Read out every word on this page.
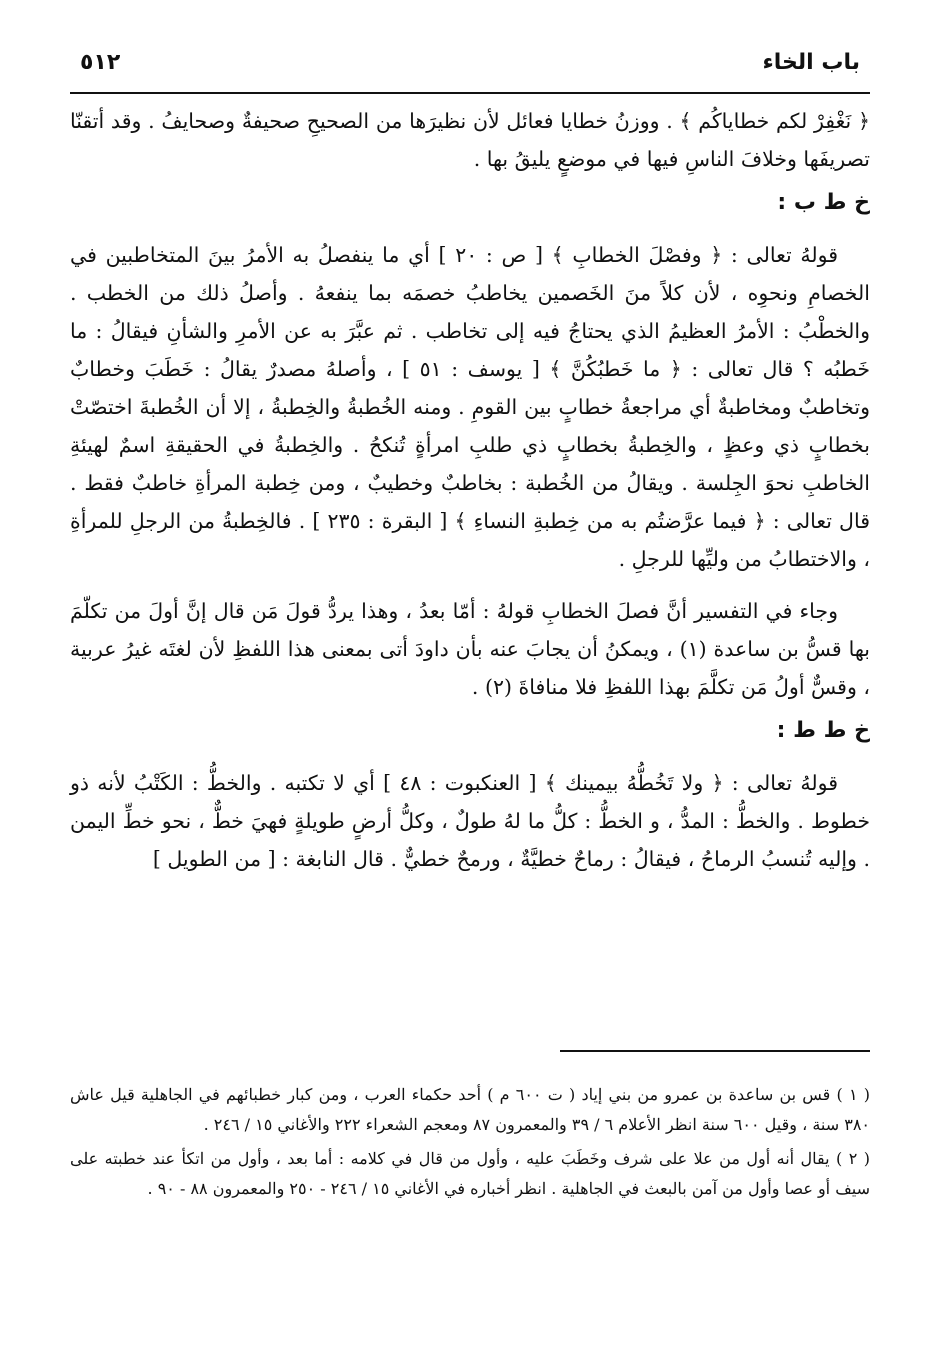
باب الخاء
٥١٢

﴿ نَغْفِرْ لكم خطاياكُم ﴾ . ووزنُ خطايا فعائل لأن نظيرَها من الصحيحِ صحيفةٌ وصحايفُ . وقد أتقنّا تصريفَها وخلافَ الناسِ فيها في موضعٍ يليقُ بها .

خ ط ب :

قولهُ تعالى : ﴿ وفصْلَ الخطابِ ﴾ [ ص : ٢٠ ] أي ما ينفصلُ به الأمرُ بينَ المتخاطبين في الخصامِ ونحوِه ، لأن كلاً منَ الخَصمين يخاطبُ خصمَه بما ينفعهُ . وأصلُ ذلك من الخطب . والخطْبُ : الأمرُ العظيمُ الذي يحتاجُ فيه إلى تخاطب . ثم عبَّرَ به عن الأمرِ والشأنِ فيقالُ : ما خَطبُه ؟ قال تعالى : ﴿ ما خَطبُكُنَّ ﴾ [ يوسف : ٥١ ] ، وأصلهُ مصدرٌ يقالُ : خَطَبَ وخطابٌ وتخاطبٌ ومخاطبةٌ أي مراجعةُ خطابٍ بين القومِ . ومنه الخُطبةُ والخِطبةُ ، إلا أن الخُطبةَ اختصّتْ بخطابٍ ذي وعظٍ ، والخِطبةُ بخطابٍ ذي طلبِ امرأةٍ تُنكحُ . والخِطبةُ في الحقيقةِ اسمٌ لهيئةِ الخاطبِ نحوَ الجِلسة . ويقالُ من الخُطبة : بخاطبٌ وخطيبٌ ، ومن خِطبة المرأةِ خاطبٌ فقط . قال تعالى : ﴿ فيما عرَّضتُم به من خِطبةِ النساءِ ﴾ [ البقرة : ٢٣٥ ] . فالخِطبةُ من الرجلِ للمرأةِ ، والاختطابُ من وليِّها للرجلِ .

وجاء في التفسير أنَّ فصلَ الخطابِ قولهُ : أمّا بعدُ ، وهذا يردُّ قولَ مَن قال إنَّ أولَ من تكلّمَ بها قسُّ بن ساعدة (١) ، ويمكنُ أن يجابَ عنه بأن داودَ أتى بمعنى هذا اللفظِ لأن لغتَه غيرُ عربية ، وقسٌّ أولُ مَن تكلَّمَ بهذا اللفظِ فلا منافاةَ (٢) .

خ ط ط :

قولهُ تعالى : ﴿ ولا تَخُطُّهُ بيمينك ﴾ [ العنكبوت : ٤٨ ] أي لا تكتبه . والخطُّ : الكَتْبُ لأنه ذو خطوط . والخطُّ : المدُّ ، و الخطُّ : كلُّ ما لهُ طولٌ ، وكلُّ أرضٍ طويلةٍ فهيَ خطٌّ ، نحو خطِّ اليمن . وإليه تُنسبُ الرماحُ ، فيقالُ : رماحٌ خطيَّةٌ ، ورمحٌ خطيٌّ . قال النابغة : [ من الطويل ]

( ١ ) قس بن ساعدة بن عمرو من بني إياد ( ت ٦٠٠ م ) أحد حكماء العرب ، ومن كبار خطبائهم في الجاهلية قيل عاش ٣٨٠ سنة ، وقيل ٦٠٠ سنة انظر الأعلام ٦ / ٣٩ والمعمرون ٨٧ ومعجم الشعراء ٢٢٢ والأغاني ١٥ / ٢٤٦ .

( ٢ ) يقال أنه أول من علا على شرف وخَطَبَ عليه ، وأول من قال في كلامه : أما بعد ، وأول من اتكأ عند خطبته على سيف أو عصا وأول من آمن بالبعث في الجاهلية . انظر أخباره في الأغاني ١٥ / ٢٤٦ - ٢٥٠ والمعمرون ٨٨ - ٩٠ .
